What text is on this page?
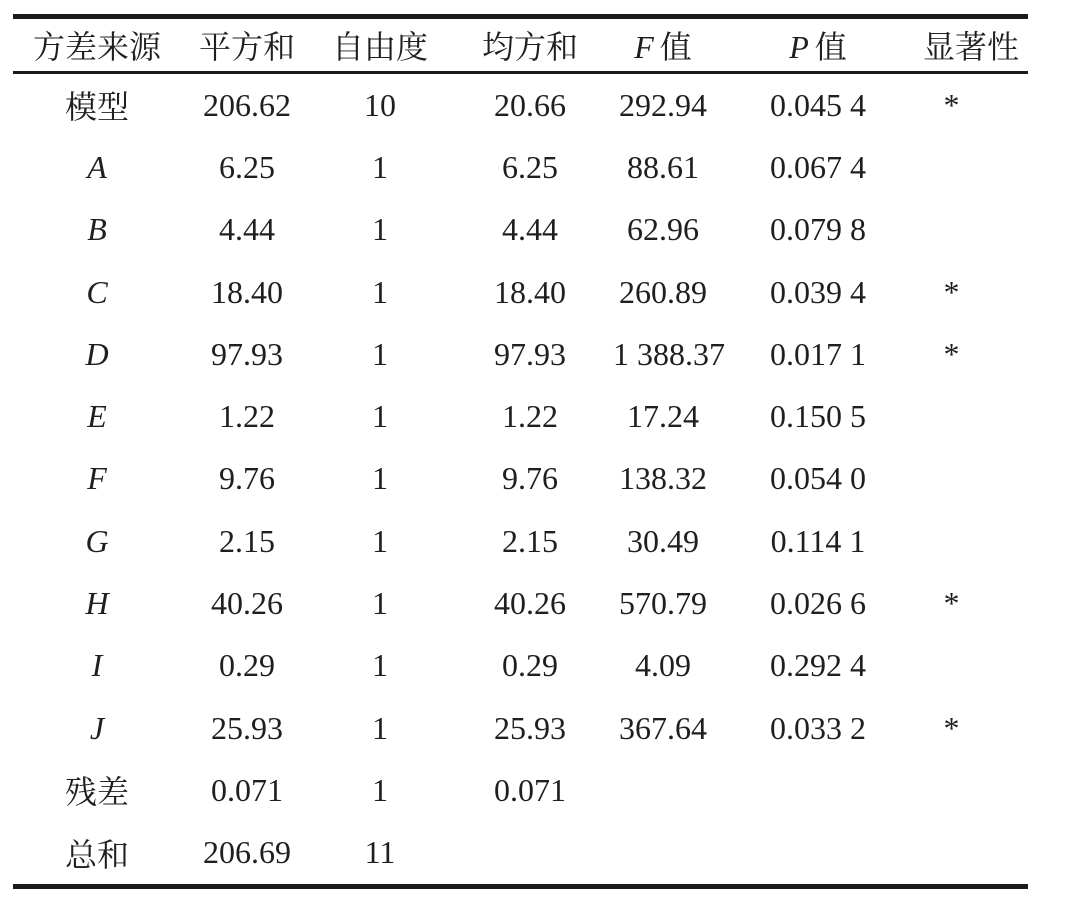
方差来源	平方和	自由度	均方和	F 值	P 值	显著性
模型	206.62	10	20.66	292.94	0.045 4	*
A	6.25	1	6.25	88.61	0.067 4	
B	4.44	1	4.44	62.96	0.079 8	
C	18.40	1	18.40	260.89	0.039 4	*
D	97.93	1	97.93	1 388.37	0.017 1	*
E	1.22	1	1.22	17.24	0.150 5	
F	9.76	1	9.76	138.32	0.054 0	
G	2.15	1	2.15	30.49	0.114 1	
H	40.26	1	40.26	570.79	0.026 6	*
I	0.29	1	0.29	4.09	0.292 4	
J	25.93	1	25.93	367.64	0.033 2	*
残差	0.071	1	0.071			
总和	206.69	11				
